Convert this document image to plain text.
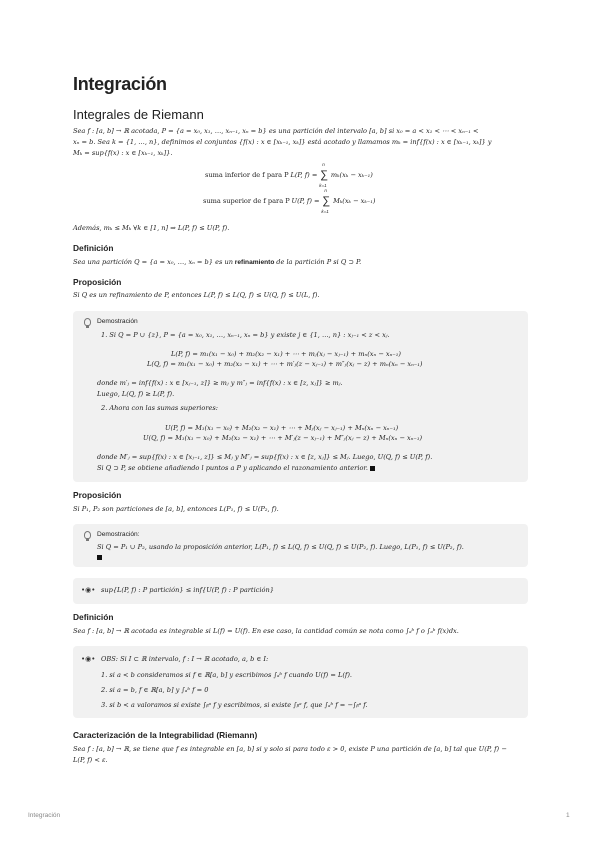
Integración
Integrales de Riemann

Sea f : [a, b] → ℝ acotada, P = {a = x₀, x₁, …, xₙ₋₁, xₙ = b} es una partición del intervalo [a, b] si x₀ = a < x₁ < ⋯ < xₙ₋₁ <

xₙ = b. Sea k = {1, …, n}, definimos el conjuntos {f(x) : x ∈ [xₖ₋₁, xₖ]} está acotado y llamamos mₖ = inf{f(x) : x ∈ [xₖ₋₁, xₖ]} y

Mₖ = sup{f(x) : x ∈ [xₖ₋₁, xₖ]}.

suma inferior de f para P L(P, f) = ∑
n
k=1
mₖ(xₖ − xₖ₋₁)
suma superior de f para P U(P, f) = ∑
n
k=1
Mₖ(xₖ − xₖ₋₁)

Además, mₖ ≤ Mₖ ∀k ∈ [1, n] ⇒ L(P, f) ≤ U(P, f).

Definición

Sea una partición Q = {a = x₀, …, xₙ = b} es un refinamiento de la partición P si Q ⊃ P.

Proposición

Si Q es un refinamiento de P, entonces L(P, f) ≤ L(Q, f) ≤ U(Q, f) ≤ U(L, f).

Demostración
1. Si Q = P ∪ {z}, P = {a = x₀, x₁, …, xₙ₋₁, xₙ = b} y existe j ∈ {1, …, n} : xⱼ₋₁ < z < xⱼ.
L(P, f) = m₁(x₁ − x₀) + m₂(x₂ − x₁) + ⋯ + mⱼ(xⱼ − xⱼ₋₁) + mₙ(xₙ − xₙ₋₁)
L(Q, f) = m₁(x₁ − x₀) + m₂(x₂ − x₁) + ⋯ + m′ⱼ(z − xⱼ₋₁) + m″ⱼ(xⱼ − z) + mₙ(xₙ − xₙ₋₁)
donde m′ⱼ = inf{f(x) : x ∈ [xⱼ₋₁, z]} ≥ mⱼ y m″ⱼ = inf{f(x) : x ∈ [z, xⱼ]} ≥ mⱼ.
Luego, L(Q, f) ≥ L(P, f).
2. Ahora con las sumas superiores:
U(P, f) = M₁(x₁ − x₀) + M₂(x₂ − x₁) + ⋯ + Mⱼ(xⱼ − xⱼ₋₁) + Mₙ(xₙ − xₙ₋₁)
U(Q, f) = M₁(x₁ − x₀) + M₂(x₂ − x₁) + ⋯ + M′ⱼ(z − xⱼ₋₁) + M″ⱼ(xⱼ − z) + Mₙ(xₙ − xₙ₋₁)
donde M′ⱼ = sup{f(x) : x ∈ [xⱼ₋₁, z]} ≤ Mⱼ y M″ⱼ = sup{f(x) : x ∈ [z, xⱼ]} ≤ Mⱼ. Luego, U(Q, f) ≤ U(P, f).
Si Q ⊃ P, se obtiene añadiendo l puntos a P y aplicando el razonamiento anterior.
Proposición

Si P₁, P₂ son particiones de [a, b], entonces L(P₁, f) ≤ U(P₂, f).

Demostración:
Si Q = P₁ ∪ P₂, usando la proposición anterior, L(P₁, f) ≤ L(Q, f) ≤ U(Q, f) ≤ U(P₂, f). Luego, L(P₁, f) ≤ U(P₂, f).
•◉• sup{L(P, f) : P partición} ≤ inf{U(P, f) : P partición}
Definición

Sea f : [a, b] → ℝ acotada es integrable si L(f) = U(f). En ese caso, la cantidad común se nota como ∫ₐᵇ f o ∫ₐᵇ f(x)dx.

•◉• OBS: Si I ⊂ ℝ intervalo, f : I → ℝ acotado, a, b ∈ I:
1. si a < b consideramos si f ∈ ℝ[a, b] y escribimos ∫ₐᵇ f cuando U(f) = L(f).
2. si a = b, f ∈ ℝ[a, b] y ∫ₐᵇ f = 0
3. si b < a valoramos si existe ∫ᵦᵃ f y escribimos, si existe ∫ᵦᵃ f, que ∫ₐᵇ f = −∫ᵦᵃ f.
Caracterización de la Integrabilidad (Riemann)

Sea f : [a, b] → ℝ, se tiene que f es integrable en [a, b] si y solo si para todo ε > 0, existe P una partición de [a, b] tal que U(P, f) −

L(P, f) < ε.

Integración	1
